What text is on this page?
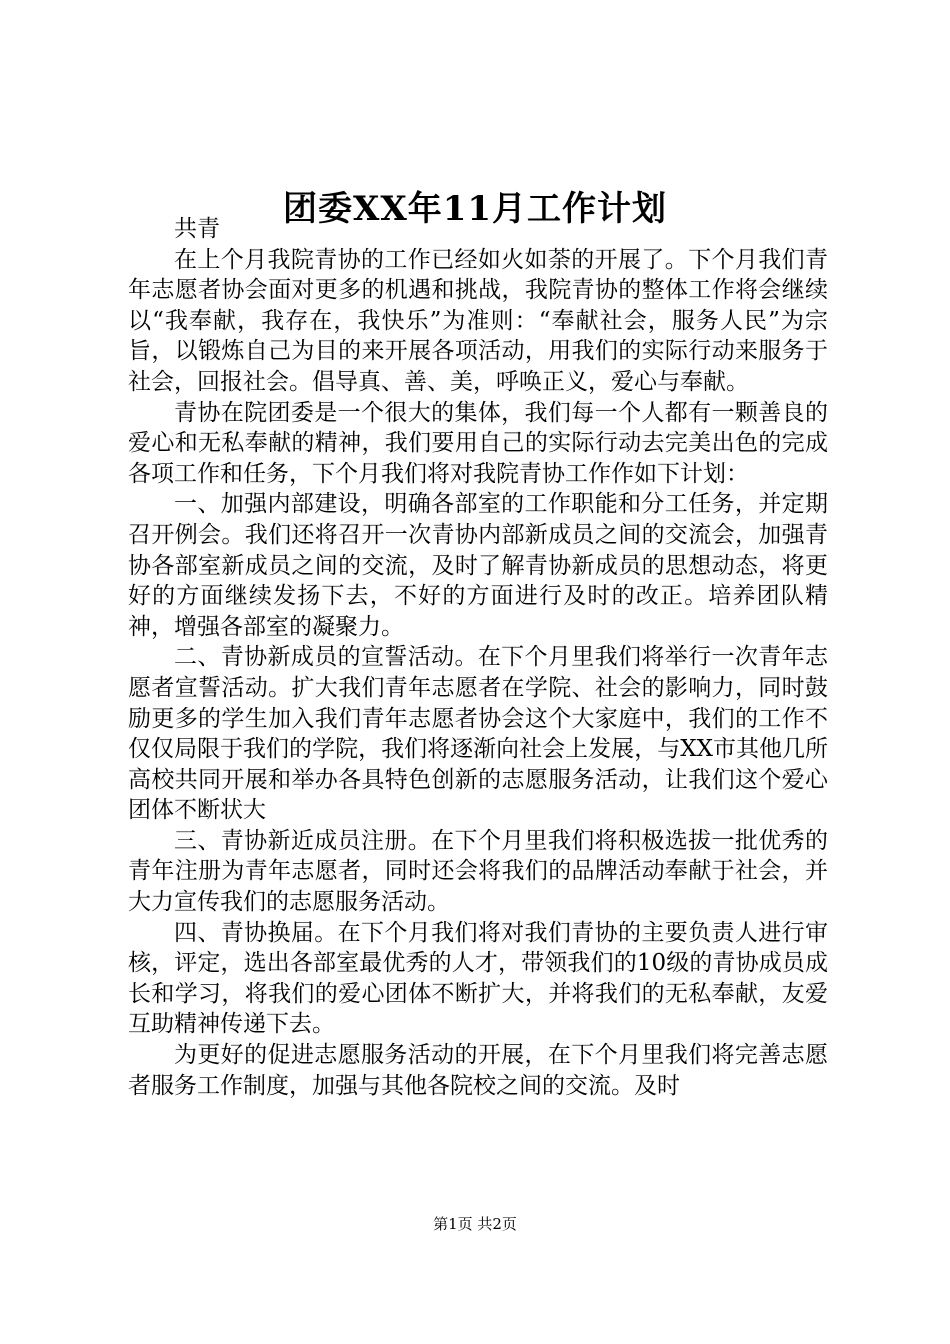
团委XX年11月工作计划

共青

在上个月我院青协的工作已经如火如荼的开展了。下个月我们青年志愿者协会面对更多的机遇和挑战，我院青协的整体工作将会继续以“我奉献，我存在，我快乐”为准则：“奉献社会，服务人民”为宗旨，以锻炼自己为目的来开展各项活动，用我们的实际行动来服务于社会，回报社会。倡导真、善、美，呼唤正义，爱心与奉献。

青协在院团委是一个很大的集体，我们每一个人都有一颗善良的爱心和无私奉献的精神，我们要用自己的实际行动去完美出色的完成各项工作和任务，下个月我们将对我院青协工作作如下计划：

一、加强内部建设，明确各部室的工作职能和分工任务，并定期召开例会。我们还将召开一次青协内部新成员之间的交流会，加强青协各部室新成员之间的交流，及时了解青协新成员的思想动态，将更好的方面继续发扬下去，不好的方面进行及时的改正。培养团队精神，增强各部室的凝聚力。

二、青协新成员的宣誓活动。在下个月里我们将举行一次青年志愿者宣誓活动。扩大我们青年志愿者在学院、社会的影响力，同时鼓励更多的学生加入我们青年志愿者协会这个大家庭中，我们的工作不仅仅局限于我们的学院，我们将逐渐向社会上发展，与XX市其他几所高校共同开展和举办各具特色创新的志愿服务活动，让我们这个爱心团体不断状大

三、青协新近成员注册。在下个月里我们将积极选拔一批优秀的青年注册为青年志愿者，同时还会将我们的品牌活动奉献于社会，并大力宣传我们的志愿服务活动。

四、青协换届。在下个月我们将对我们青协的主要负责人进行审核，评定，选出各部室最优秀的人才，带领我们的10级的青协成员成长和学习，将我们的爱心团体不断扩大，并将我们的无私奉献，友爱互助精神传递下去。

为更好的促进志愿服务活动的开展，在下个月里我们将完善志愿者服务工作制度，加强与其他各院校之间的交流。及时

第1页 共2页
